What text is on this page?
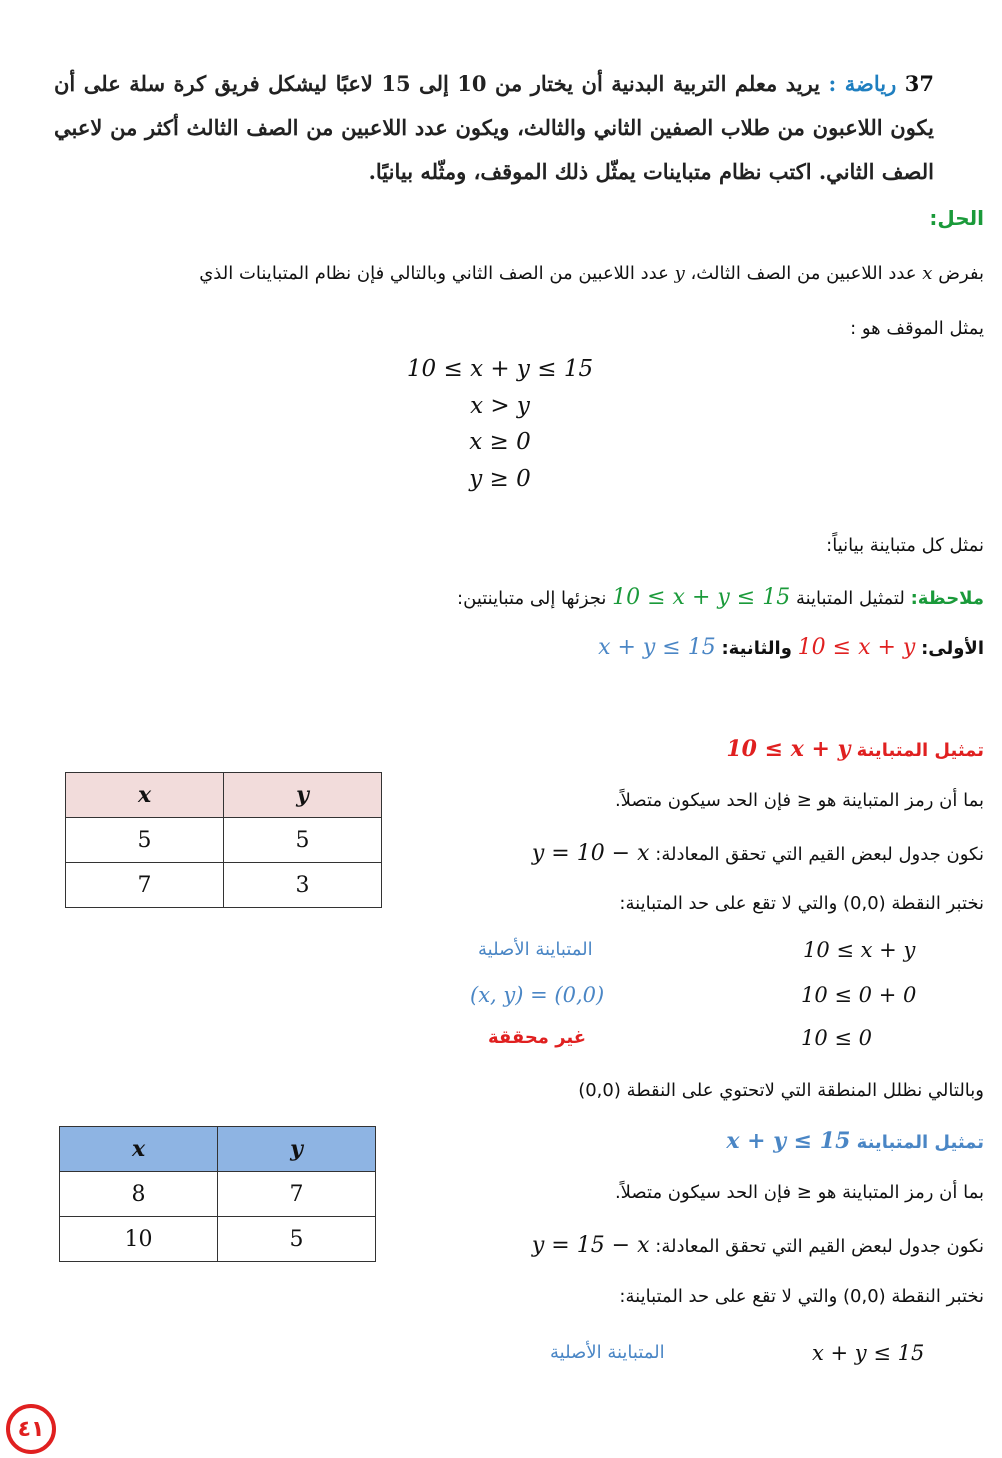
37 رياضة : يريد معلم التربية البدنية أن يختار من 10 إلى 15 لاعبًا ليشكل فريق كرة سلة على أن يكون اللاعبون من طلاب الصفين الثاني والثالث، ويكون عدد اللاعبين من الصف الثالث أكثر من لاعبي الصف الثاني. اكتب نظام متباينات يمثّل ذلك الموقف، ومثّله بيانيًا.
الحل:
بفرض x عدد اللاعبين من الصف الثالث، y عدد اللاعبين من الصف الثاني وبالتالي فإن نظام المتباينات الذي
يمثل الموقف هو :
10 ≤ x + y ≤ 15
x > y
x ≥ 0
y ≥ 0
نمثل كل متباينة بيانياً:
ملاحظة: لتمثيل المتباينة 10 ≤ x + y ≤ 15 نجزئها إلى متباينتين:
الأولى: 10 ≤ x + y والثانية: x + y ≤ 15
تمثيل المتباينة 10 ≤ x + y
بما أن رمز المتباينة هو ≤ فإن الحد سيكون متصلاً.
نكون جدول لبعض القيم التي تحقق المعادلة: y = 10 − x
نختبر النقطة (0,0) والتي لا تقع على حد المتباينة:
10 ≤ x + y
المتباينة الأصلية
10 ≤ 0 + 0
(x, y) = (0,0)
10 ≤ 0
غير محققة
وبالتالي نظلل المنطقة التي لاتحتوي على النقطة (0,0)
x	y
5	5
7	3
تمثيل المتباينة x + y ≤ 15
بما أن رمز المتباينة هو ≤ فإن الحد سيكون متصلاً.
نكون جدول لبعض القيم التي تحقق المعادلة: y = 15 − x
نختبر النقطة (0,0) والتي لا تقع على حد المتباينة:
x + y ≤ 15
المتباينة الأصلية
x	y
8	7
10	5
٤١
